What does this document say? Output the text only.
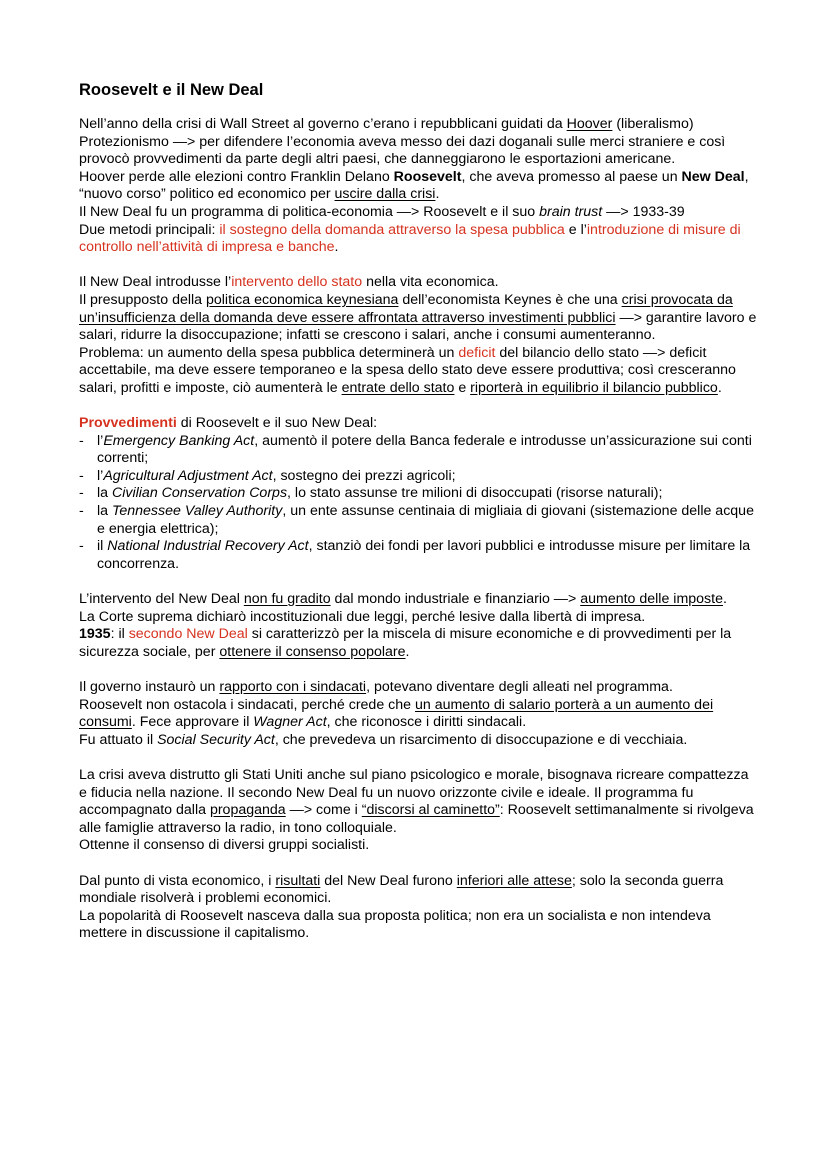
Roosevelt e il New Deal

Nell’anno della crisi di Wall Street al governo c’erano i repubblicani guidati da Hoover (liberalismo)

Protezionismo —> per difendere l’economia aveva messo dei dazi doganali sulle merci straniere e così provocò provvedimenti da parte degli altri paesi, che danneggiarono le esportazioni americane.

Hoover perde alle elezioni contro Franklin Delano Roosevelt, che aveva promesso al paese un New Deal, “nuovo corso” politico ed economico per uscire dalla crisi.

Il New Deal fu un programma di politica-economia —> Roosevelt e il suo brain trust —> 1933-39

Due metodi principali: il sostegno della domanda attraverso la spesa pubblica e l’introduzione di misure di controllo nell’attività di impresa e banche.

Il New Deal introdusse l’intervento dello stato nella vita economica.

Il presupposto della politica economica keynesiana dell’economista Keynes è che una crisi provocata da un’insufficienza della domanda deve essere affrontata attraverso investimenti pubblici —> garantire lavoro e salari, ridurre la disoccupazione; infatti se crescono i salari, anche i consumi aumenteranno.

Problema: un aumento della spesa pubblica determinerà un deficit del bilancio dello stato —> deficit accettabile, ma deve essere temporaneo e la spesa dello stato deve essere produttiva; così cresceranno salari, profitti e imposte, ciò aumenterà le entrate dello stato e riporterà in equilibrio il bilancio pubblico.

Provvedimenti di Roosevelt e il suo New Deal:

- l’Emergency Banking Act, aumentò il potere della Banca federale e introdusse un’assicurazione sui conti correnti;
- l’Agricultural Adjustment Act, sostegno dei prezzi agricoli;
- la Civilian Conservation Corps, lo stato assunse tre milioni di disoccupati (risorse naturali);
- la Tennessee Valley Authority, un ente assunse centinaia di migliaia di giovani (sistemazione delle acque e energia elettrica);
- il National Industrial Recovery Act, stanziò dei fondi per lavori pubblici e introdusse misure per limitare la concorrenza.

L’intervento del New Deal non fu gradito dal mondo industriale e finanziario —> aumento delle imposte.

La Corte suprema dichiarò incostituzionali due leggi, perché lesive dalla libertà di impresa.

1935: il secondo New Deal si caratterizzò per la miscela di misure economiche e di provvedimenti per la sicurezza sociale, per ottenere il consenso popolare.

Il governo instaurò un rapporto con i sindacati, potevano diventare degli alleati nel programma.

Roosevelt non ostacola i sindacati, perché crede che un aumento di salario porterà a un aumento dei consumi. Fece approvare il Wagner Act, che riconosce i diritti sindacali.

Fu attuato il Social Security Act, che prevedeva un risarcimento di disoccupazione e di vecchiaia.

La crisi aveva distrutto gli Stati Uniti anche sul piano psicologico e morale, bisognava ricreare compattezza e fiducia nella nazione. Il secondo New Deal fu un nuovo orizzonte civile e ideale. Il programma fu accompagnato dalla propaganda —> come i “discorsi al caminetto”: Roosevelt settimanalmente si rivolgeva alle famiglie attraverso la radio, in tono colloquiale.

Ottenne il consenso di diversi gruppi socialisti.

Dal punto di vista economico, i risultati del New Deal furono inferiori alle attese; solo la seconda guerra mondiale risolverà i problemi economici.

La popolarità di Roosevelt nasceva dalla sua proposta politica; non era un socialista e non intendeva mettere in discussione il capitalismo.
